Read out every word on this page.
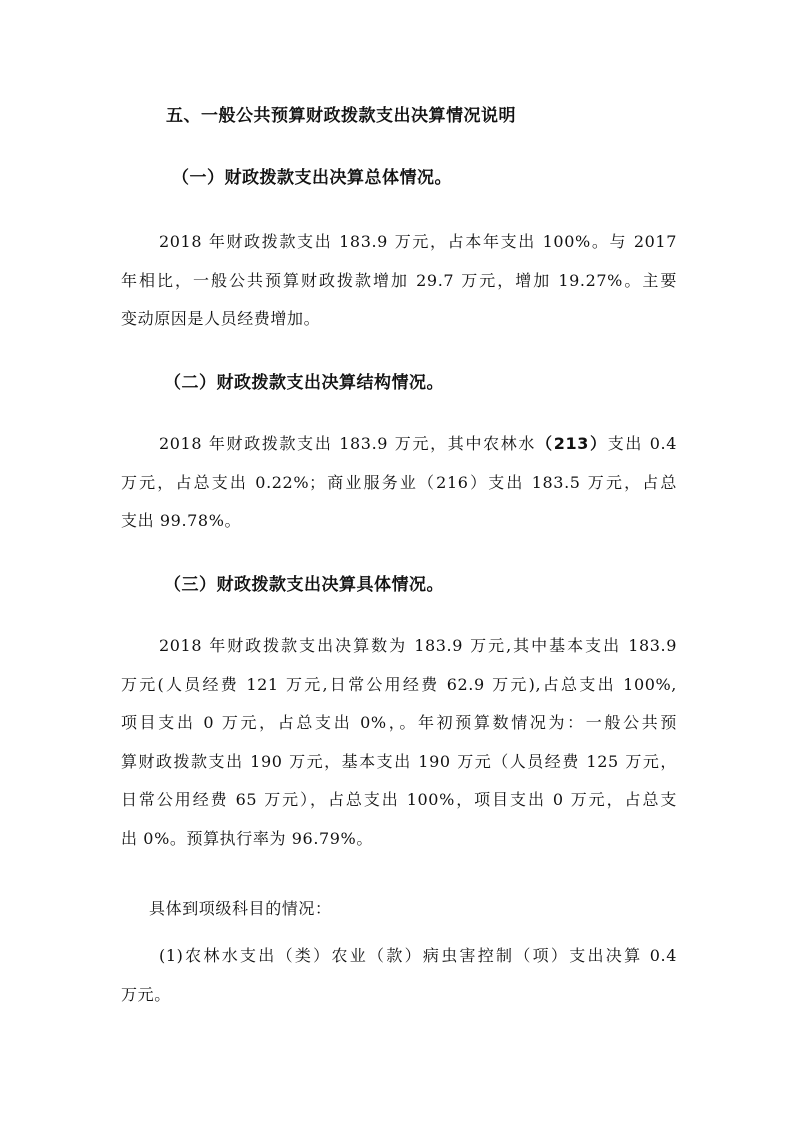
五、一般公共预算财政拨款支出决算情况说明
（一）财政拨款支出决算总体情况。
2018 年财政拨款支出 183.9 万元，占本年支出 100%。与 2017
年相比，一般公共预算财政拨款增加 29.7 万元，增加 19.27%。主要
变动原因是人员经费增加。
（二）财政拨款支出决算结构情况。
2018 年财政拨款支出 183.9 万元，其中农林水（213）支出 0.4
万元，占总支出 0.22%；商业服务业（216）支出 183.5 万元，占总
支出 99.78%。
（三）财政拨款支出决算具体情况。
2018 年财政拨款支出决算数为 183.9 万元,其中基本支出 183.9
万元(人员经费 121 万元,日常公用经费 62.9 万元),占总支出 100%,
项目支出 0 万元，占总支出 0%，。年初预算数情况为：一般公共预
算财政拨款支出 190 万元，基本支出 190 万元（人员经费 125 万元，
日常公用经费 65 万元），占总支出 100%，项目支出 0 万元，占总支
出 0%。预算执行率为 96.79%。
具体到项级科目的情况：
(1)农林水支出（类）农业（款）病虫害控制（项）支出决算 0.4
万元。
